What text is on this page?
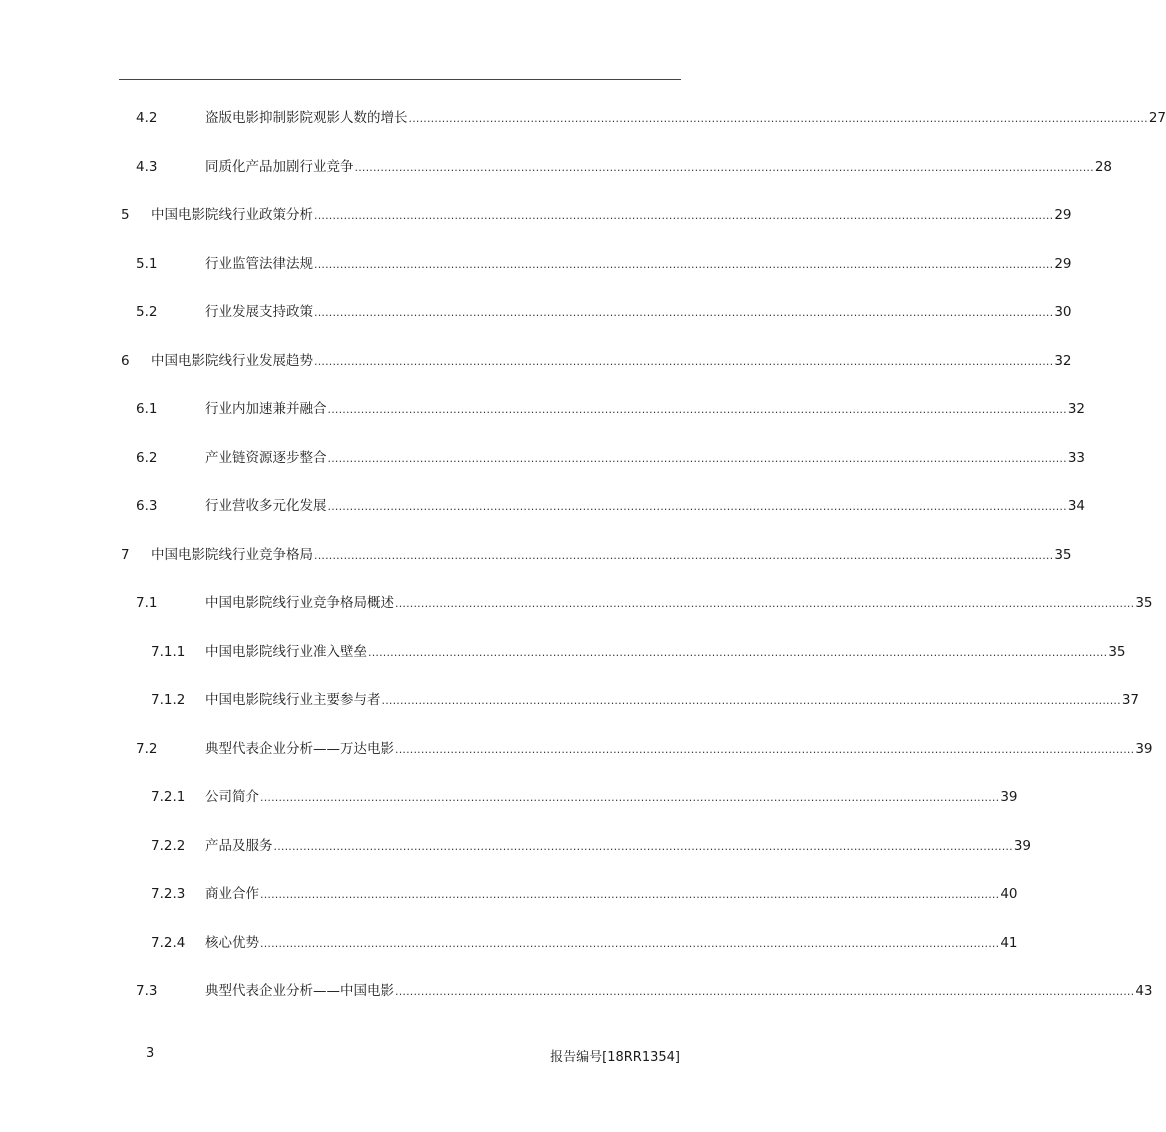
4.2	盗版电影抑制影院观影人数的增长 ........................................................................................................................................................................................................ 27
4.3	同质化产品加剧行业竞争 ........................................................................................................................................................................................................ 28
5 中国电影院线行业政策分析 ........................................................................................................................................................................................................ 29
5.1	行业监管法律法规 ........................................................................................................................................................................................................ 29
5.2	行业发展支持政策 ........................................................................................................................................................................................................ 30
6 中国电影院线行业发展趋势 ........................................................................................................................................................................................................ 32
6.1	行业内加速兼并融合 ........................................................................................................................................................................................................ 32
6.2	产业链资源逐步整合 ........................................................................................................................................................................................................ 33
6.3	行业营收多元化发展 ........................................................................................................................................................................................................ 34
7 中国电影院线行业竞争格局 ........................................................................................................................................................................................................ 35
7.1	中国电影院线行业竞争格局概述 ........................................................................................................................................................................................................ 35
7.1.1 中国电影院线行业准入壁垒 ........................................................................................................................................................................................................ 35
7.1.2 中国电影院线行业主要参与者 ........................................................................................................................................................................................................ 37
7.2	典型代表企业分析——万达电影 ........................................................................................................................................................................................................ 39
7.2.1 公司简介 ........................................................................................................................................................................................................ 39
7.2.2 产品及服务 ........................................................................................................................................................................................................ 39
7.2.3 商业合作 ........................................................................................................................................................................................................ 40
7.2.4 核心优势 ........................................................................................................................................................................................................ 41
7.3	典型代表企业分析——中国电影 ........................................................................................................................................................................................................ 43
3	报告编号[18RR1354]
